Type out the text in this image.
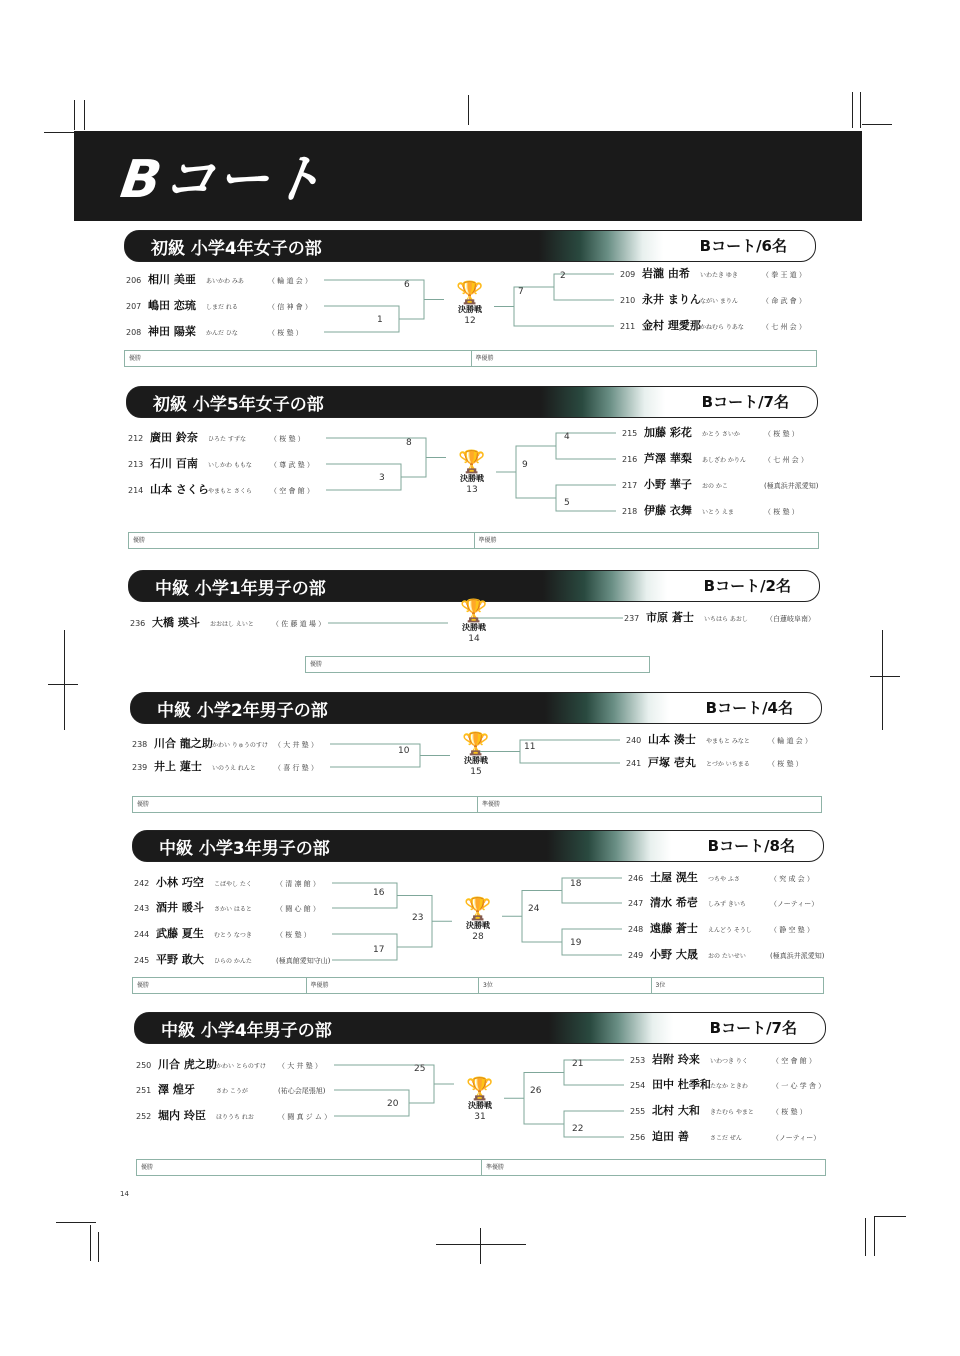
Bコート
初級 小学4年女子の部	Bコート/6名
206 相川 美亜 あいかわ みあ	（ 輪 道 会 ）
207 嶋田 恋琉 しまだ れる	（ 信 神 會 ）
208 神田 陽菜 かんだ ひな	（ 桜 塾 ）
209 岩瀧 由希 いわたき ゆき	（ 拳 王 道 ）
210 永井 まりんながい まりん	（ 命 武 會 ）
211 金村 理愛那かねむら りあな	（ 七 州 会 ）
🏆
決勝戦
12
6
1
2
7
優勝	準優勝
初級 小学5年女子の部	Bコート/7名
212 廣田 鈴奈 ひろた すずな	（ 桜 塾 ）
213 石川 百南 いしかわ ももな	（ 尊 武 塾 ）
214 山本 さくらやまもと さくら	（ 空 會 館 ）
215 加藤 彩花 かとう さいか	（ 桜 塾 ）
216 芦澤 華梨 あしざわ かりん	（ 七 州 会 ）
217 小野 華子 おの かこ	(極真浜井派愛知)
218 伊藤 衣舞 いとう えま	（ 桜 塾 ）
🏆
決勝戦
13
8
3
4
9
5
優勝	準優勝
中級 小学1年男子の部	Bコート/2名
236 大橋 瑛斗 おおはし えいと	（ 佐 藤 道 場 ）
237 市原 蒼士 いちはら あおし	（白蓮岐阜南）
🏆
決勝戦
14
優勝
中級 小学2年男子の部	Bコート/4名
238 川合 龍之助かわい りゅうのすけ （ 大 井 塾 ）
239 井上 蓮士 いのうえ れんと	（ 喜 行 塾 ）
240 山本 湊士 やまもと みなと	（ 輪 道 会 ）
241 戸塚 壱丸 とづか いちまる	（ 桜 塾 ）
🏆
決勝戦
15
10	11
優勝	準優勝
中級 小学3年男子の部	Bコート/8名
242 小林 巧空 こばやし たく	（ 清 凛 館 ）
243 酒井 暖斗 さかい はると	（ 闘 心 館 ）
244 武藤 夏生 むとう なつき	（ 桜 塾 ）
245 平野 敢大 ひらの かんた	(極真館愛知守山)
246 土屋 滉生 つちや ふさ	（ 究 成 会 ）
247 清水 希壱 しみず きいち	（ノーティー）
248 遠藤 蒼士 えんどう そうし	（ 静 空 塾 ）
249 小野 大晟 おの たいせい	(極真浜井派愛知)
🏆
決勝戦
28
16
17
23
18
19
24
優勝	準優勝	3位	3位
中級 小学4年男子の部	Bコート/7名
250 川合 虎之助かわい とらのすけ （ 大 井 塾 ）
251 澤 煌牙	さわ こうが	(祐心会尾張旭)
252 堀内 玲臣 ほりうち れお	（ 闘 真 ジ ム ）
253 岩附 玲来 いわつき りく	（ 空 會 館 ）
254 田中 杜季和たなか ときわ	（ 一 心 学 舎 ）
255 北村 大和 きたむら やまと	（ 桜 塾 ）
256 迫田 善	さこだ ぜん	（ノーティー）
🏆
決勝戦
31
25
20
21
26
22
優勝	準優勝
14
